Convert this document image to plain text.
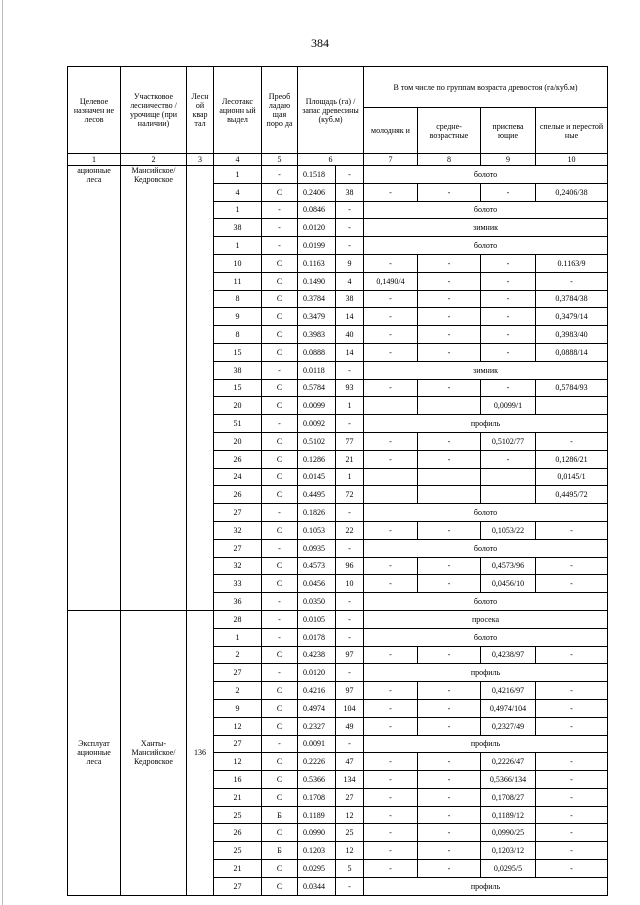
384
Целевое назначен ие лесов	Участковое лесничество /урочище (при наличии)	Лесн ой квар тал	Лесотакс ационн ый выдел	Преоб ладаю щая поро да	Площадь (га) /запас древесины (куб.м)		В том числе по группам возраста древостоя (га/куб.м)			
							молодняк и	средне- возрастные	приспева ющие	спелые и перестой ные
1	2	3	4	5	6		7	8	9	10
ационные леса	Мансийское/ Кедровское		1	-	0.1518	-	болото			
			4	С	0.2406	38	-	-	-	0,2406/38
			1	-	0.0846	-	болото			
			38	-	0.0120	-	зимник			
			1	-	0.0199	-	болото			
			10	С	0.1163	9	-	-	-	0.1163/9
			11	С	0.1490	4	0,1490/4	-	-	-
			8	С	0.3784	38	-	-	-	0,3784/38
			9	С	0.3479	14	-	-	-	0,3479/14
			8	С	0.3983	40	-	-	-	0,3983/40
			15	С	0.0888	14	-	-	-	0,0888/14
			38	-	0.0118	-	зимник			
			15	С	0.5784	93	-	-	-	0,5784/93
			20	С	0.0099	1			0,0099/1	
			51	-	0.0092	-	профиль			
			20	С	0.5102	77	-	-	0,5102/77	-
			26	С	0.1286	21	-	-	-	0,1286/21
			24	С	0.0145	1				0,0145/1
			26	С	0.4495	72				0,4495/72
			27	-	0.1826	-	болото			
			32	С	0.1053	22	-	-	0,1053/22	-
			27	-	0.0935	-	болото			
			32	С	0.4573	96	-	-	0,4573/96	-
			33	С	0.0456	10	-	-	0,0456/10	-
			36	-	0.0350	-	болото			
Эксплуат ационные леса	Ханты- Мансийское/ Кедровское	136	28	-	0.0105	-	просека			
			1	-	0.0178	-	болото			
			2	С	0.4238	97	-	-	0,4238/97	-
			27	-	0.0120	-	профиль			
			2	С	0.4216	97	-	-	0,4216/97	-
			9	С	0.4974	104	-	-	0,4974/104	-
			12	С	0.2327	49	-	-	0,2327/49	-
			27	-	0.0091	-	профиль			
			12	С	0.2226	47	-	-	0,2226/47	-
			16	С	0.5366	134	-	-	0,5366/134	-
			21	С	0.1708	27	-	-	0,1708/27	-
			25	Б	0.1189	12	-	-	0,1189/12	-
			26	С	0.0990	25	-	-	0,0990/25	-
			25	Б	0.1203	12	-	-	0,1203/12	-
			21	С	0.0295	5	-	-	0,0295/5	-
			27	С	0.0344	-	профиль			
